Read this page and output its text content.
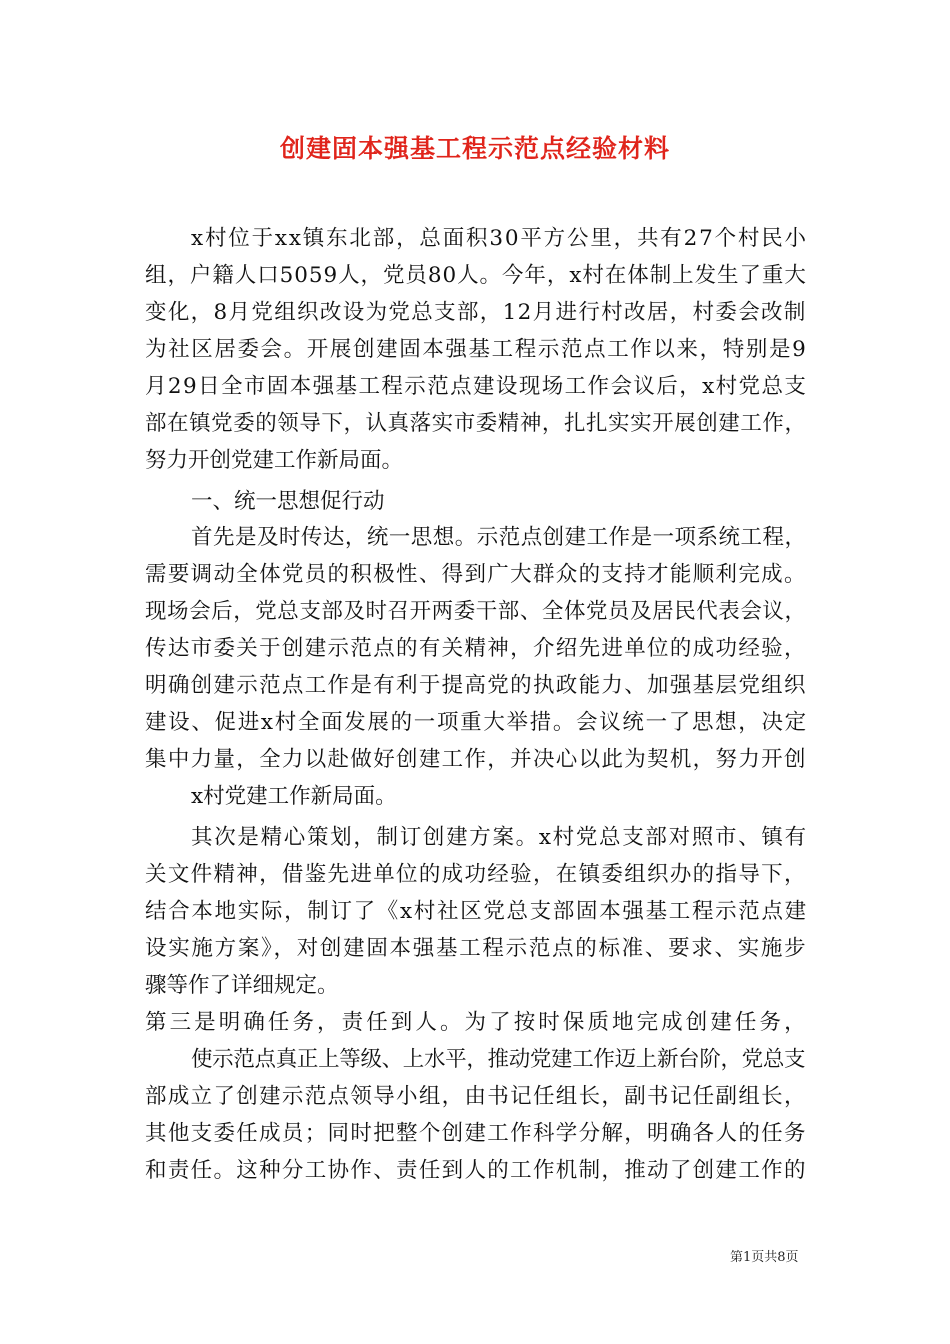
创建固本强基工程示范点经验材料
x村位于xx镇东北部，总面积30平方公里，共有27个村民小
组，户籍人口5059人，党员80人。今年，x村在体制上发生了重大
变化，8月党组织改设为党总支部，12月进行村改居，村委会改制
为社区居委会。开展创建固本强基工程示范点工作以来，特别是9
月29日全市固本强基工程示范点建设现场工作会议后，x村党总支
部在镇党委的领导下，认真落实市委精神，扎扎实实开展创建工作，
努力开创党建工作新局面。
一、统一思想促行动
首先是及时传达，统一思想。示范点创建工作是一项系统工程，
需要调动全体党员的积极性、得到广大群众的支持才能顺利完成。
现场会后，党总支部及时召开两委干部、全体党员及居民代表会议，
传达市委关于创建示范点的有关精神，介绍先进单位的成功经验，
明确创建示范点工作是有利于提高党的执政能力、加强基层党组织
建设、促进x村全面发展的一项重大举措。会议统一了思想，决定
集中力量，全力以赴做好创建工作，并决心以此为契机，努力开创
x村党建工作新局面。
其次是精心策划，制订创建方案。x村党总支部对照市、镇有
关文件精神，借鉴先进单位的成功经验，在镇委组织办的指导下，
结合本地实际，制订了《x村社区党总支部固本强基工程示范点建
设实施方案》，对创建固本强基工程示范点的标准、要求、实施步
骤等作了详细规定。
第三是明确任务，责任到人。为了按时保质地完成创建任务，
使示范点真正上等级、上水平，推动党建工作迈上新台阶，党总支
部成立了创建示范点领导小组，由书记任组长，副书记任副组长，
其他支委任成员；同时把整个创建工作科学分解，明确各人的任务
和责任。这种分工协作、责任到人的工作机制，推动了创建工作的
第1页共8页
